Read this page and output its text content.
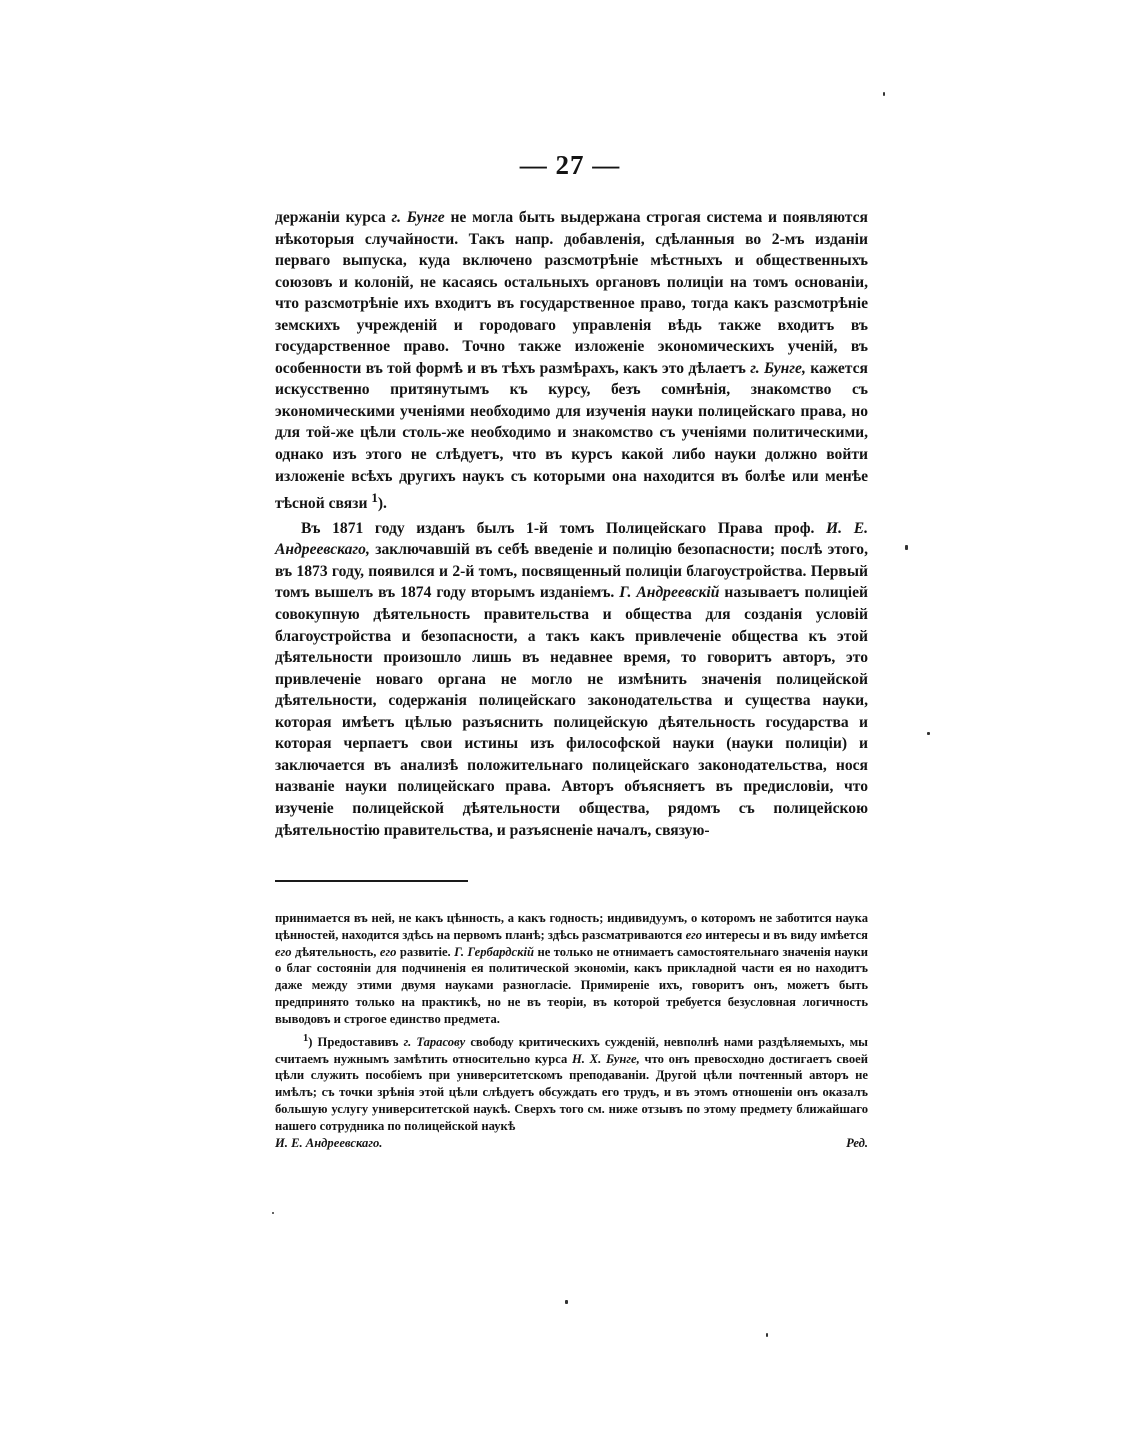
— 27 —

держаніи курса г. Бунге не могла быть выдержана строгая система и появляются нѣкоторыя случайности. Такъ напр. добавленія, сдѣланныя во 2-мъ изданіи перваго выпуска, куда включено разсмотрѣніе мѣстныхъ и общественныхъ союзовъ и колоній, не касаясь остальныхъ органовъ полиціи на томъ основаніи, что разсмотрѣніе ихъ входитъ въ государственное право, тогда какъ разсмотрѣніе земскихъ учрежденій и городоваго управленія вѣдь также входитъ въ государственное право. Точно также изложеніе экономическихъ ученій, въ особенности въ той формѣ и въ тѣхъ размѣрахъ, какъ это дѣлаетъ г. Бунге, кажется искусственно притянутымъ къ курсу, безъ сомнѣнія, знакомство съ экономическими ученіями необходимо для изученія науки полицейскаго права, но для той-же цѣли столь-же необходимо и знакомство съ ученіями политическими, однако изъ этого не слѣдуетъ, что въ курсъ какой либо науки должно войти изложеніе всѣхъ другихъ наукъ съ которыми она находится въ болѣе или менѣе тѣсной связи $^1$).

Въ 1871 году изданъ былъ 1-й томъ Полицейскаго Права проф. И. Е. Андреевскаго, заключавшій въ себѣ введеніе и полицію безопасности; послѣ этого, въ 1873 году, появился и 2-й томъ, посвященный полиціи благоустройства. Первый томъ вышелъ въ 1874 году вторымъ изданіемъ. Г. Андреевскій называетъ полиціей совокупную дѣятельность правительства и общества для созданія условій благоустройства и безопасности, а такъ какъ привлеченіе общества къ этой дѣятельности произошло лишь въ недавнее время, то говоритъ авторъ, это привлеченіе новаго органа не могло не измѣнить значенія полицейской дѣятельности, содержанія полицейскаго законодательства и существа науки, которая имѣетъ цѣлью разъяснить полицейскую дѣятельность государства и которая черпаетъ свои истины изъ философской науки (науки полиціи) и заключается въ анализѣ положительнаго полицейскаго законодательства, нося названіе науки полицейскаго права. Авторъ объясняетъ въ предисловіи, что изученіе полицейской дѣятельности общества, рядомъ съ полицейскою дѣятельностію правительства, и разъясненіе началъ, связую-

принимается въ ней, не какъ цѣнность, а какъ годность; индивидуумъ, о которомъ не заботится наука цѣнностей, находится здѣсь на первомъ планѣ; здѣсь разсматриваются его интересы и въ виду имѣется его дѣятельность, его развитіе. Г. Гербардскій не только не отнимаетъ самостоятельнаго значенія науки о благ состояніи для подчиненія ея политической экономіи, какъ прикладной части ея но находитъ даже между этими двумя науками разногласіе. Примиреніе ихъ, говоритъ онъ, можетъ быть предпринято только на практикѣ, но не въ теоріи, въ которой требуется безусловная логичность выводовъ и строгое единство предмета.

$^1$) Предоставивъ г. Тарасову свободу критическихъ сужденій, невполнѣ нами раздѣляемыхъ, мы считаемъ нужнымъ замѣтить относительно курса Н. Х. Бунге, что онъ превосходно достигаетъ своей цѣли служить пособіемъ при университетскомъ преподаваніи. Другой цѣли почтенный авторъ не имѣлъ; съ точки зрѣнія этой цѣли слѣдуетъ обсуждать его трудъ, и въ этомъ отношеніи онъ оказалъ большую услугу университетской наукѣ. Сверхъ того см. ниже отзывъ по этому предмету ближайшаго нашего сотрудника по полицейской наукѣ

И. Е. Андреевскаго.	Ред.
